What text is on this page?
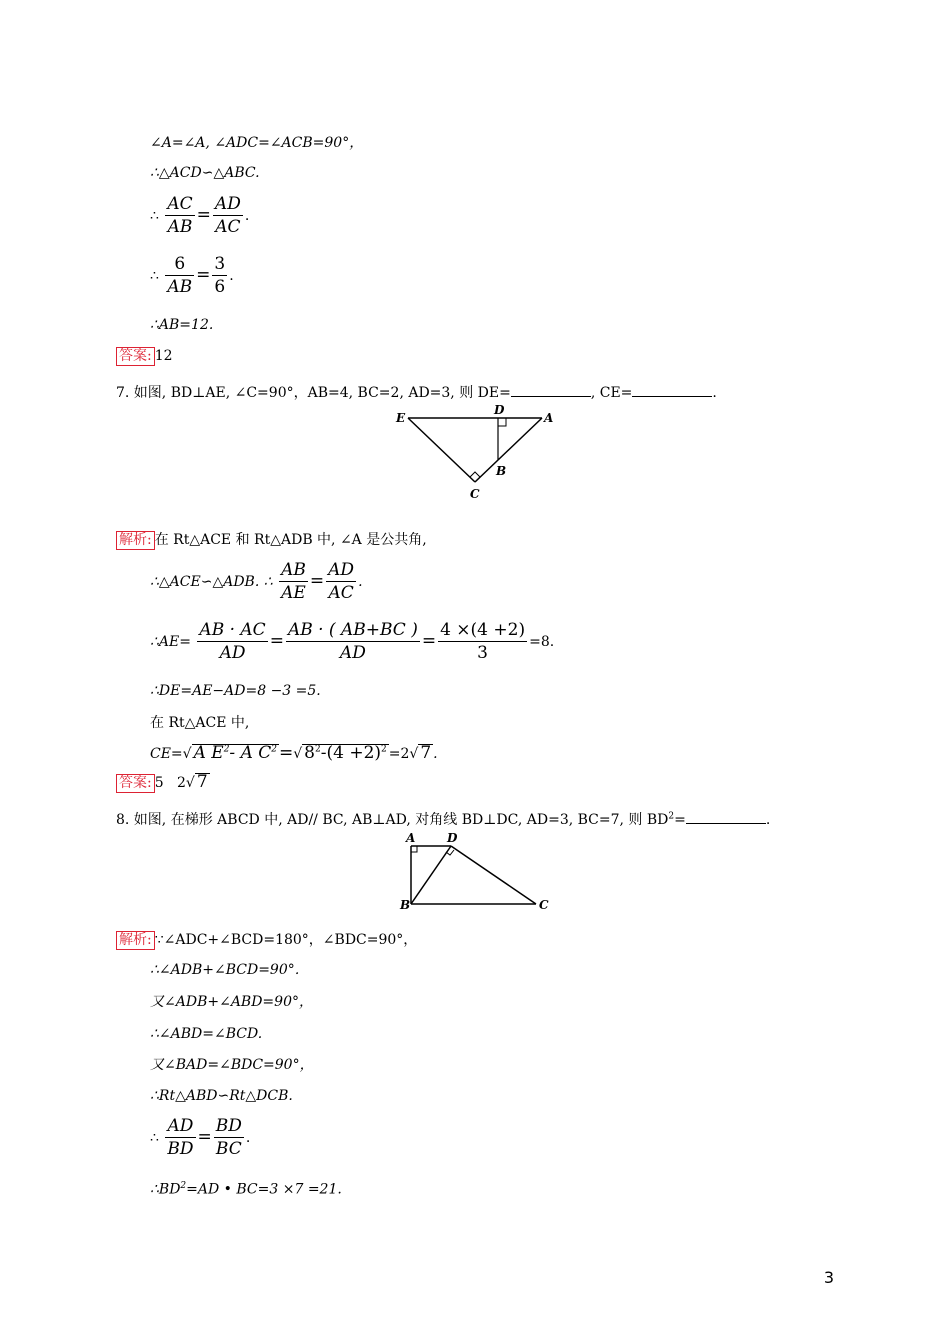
∠A=∠A, ∠ADC=∠ACB=90°，
∴△ACD∽△ABC.
∴ $\frac{AC}{AB} = \frac{AD}{AC}$ .
∴ $\frac{6}{AB} = \frac{3}{6}$ .
∴AB=12.
答案: 12
7. 如图, BD⊥AE, ∠C=90°，AB=4, BC=2, AD=3, 则 DE=	, CE=	.
E
D
A
B
C
解析: 在 Rt△ACE 和 Rt△ADB 中, ∠A 是公共角,
∴△ACE∽△ADB. ∴ $\frac{AB}{AE} = \frac{AD}{AC}$ .
∴AE= $\frac{AB \cdot AC}{AD} = \frac{AB \cdot ( AB+BC )}{AD} = \frac{4 \times(4 +2)}{3} =8$.
∴DE=AE−AD=8 −3 =5.
在 Rt△ACE 中,
CE=√ A $E^2-$ A $C^2$ =√ $8^2-(4 +2)^2 =2√$ 7 .
答案: 5 2√ 7
8. 如图, 在梯形 ABCD 中, AD// BC, AB⊥AD, 对角线 BD⊥DC, AD=3, BC=7, 则 $BD^2=$	.
A	D
B	C
解析: ∵∠ADC+∠BCD=180°，∠BDC=90°，
∴∠ADB+∠BCD=90°．
又∠ADB+∠ABD=90°，
∴∠ABD=∠BCD.
又∠BAD=∠BDC=90°，
∴Rt△ABD∽Rt△DCB.
∴ $\frac{AD}{BD} = \frac{BD}{BC}$ .
$\therefore BD^2=AD$ • BC=3 ×7 =21.
3
